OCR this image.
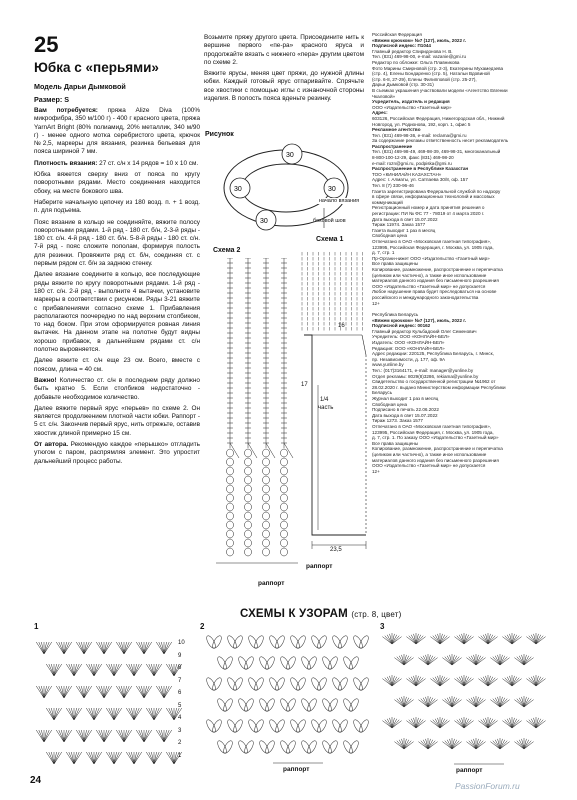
25
Юбка с «перьями»
Модель Дарьи Дымковой
Размер: S

Вам потребуется: пряжа Alize Diva (100% микрофибра, 350 м/100 г) - 400 г красного цвета, пряжа YarnArt Bright (80% полиамид, 20% металлик, 340 м/90 г) - менее одного мотка серебристого цвета, крючок №2,5, маркеры для вязания, резинка бельевая для пояса шириной 7 мм.

Плотность вязания: 27 ст. с/н х 14 рядов = 10 х 10 см.

Юбка вяжется сверху вниз от пояса по кругу поворотными рядами. Место соединения находится сбоку, на месте бокового шва.

Наберите начальную цепочку из 180 возд. п. + 1 возд. п. для подъема.

Пояс вязание в кольцо не соединяйте, вяжите полосу поворотными рядами. 1-й ряд - 180 ст. б/н, 2-3-й ряды - 180 ст. с/н. 4-й ряд - 180 ст. б/н. 5-8-й ряды - 180 ст. с/н. 7-й ряд - пояс сложите пополам, формируя полость для резинки. Провяжите ряд ст. б/н, соединяя ст. с первым рядом ст. б/н за заднюю стенку.

Далее вязание соедините в кольцо, все последующие ряды вяжите по кругу поворотными рядами. 1-й ряд - 180 ст. с/н. 2-й ряд - выполните 4 вытачки, установите маркеры в соответствии с рисунком. Ряды 3-21 вяжите с прибавлениями согласно схеме 1. Прибавления располагаются поочередно по над верхним столбиком, то над боком. При этом сформируется ровная линия вытачек. На данном этапе на полотне будут видны хорошо прибавок, в дальнейшем рядами ст. с/н полотно выровняется.

Далее вяжите ст. с/н еще 23 см. Всего, вместе с поясом, длина = 40 см.

Важно! Количество ст. с/н в последнем ряду должно быть кратно 5. Если столбиков недостаточно - добавьте необходимое количество.

Далее вяжите первый ярус «перьев» по схеме 2. Он является продолжением плотной части юбки. Раппорт - 5 ст. с/н. Закончив первый ярус, нить отрежьте, оставив хвостик длиной примерно 15 см.

От автора. Рекомендую каждое «перышко» отгладить утюгом с паром, распрямляя элемент. Это упростит дальнейший процесс работы.

Возьмите пряжу другого цвета. Присоедините нить к вершине первого «пе-ра» красного яруса и продолжайте вязать с нижнего «пера» другим цветом по схеме 2.

Вяжите ярусы, меняя цвет пряжи, до нужной длины юбки. Каждый готовый ярус отпаривайте. Спрячьте все хвостики с помощью иглы с изнаночной стороны изделия. В полость пояса вденьте резинку.

Рисунок
30
30	30
30
начало вязания
боковой шов
Схема 2
раппорт
Схема 1
16
17
1/4
часть
23,5
раппорт
Российская Федерация
«Вяжем крючком» №7 (127), июль, 2022 г.
Подписной индекс: П1044
Главный редактор Спиридонова Н. В.
Тел. (831) 469-98-00, e-mail: vazanie@gmi.ru
Редактор по обложке: Ольга Плавникова
Фото Марины Смирновой (стр. 2-3), Екатерины Мухамедзева
(стр. 4), Елены Бондаренко (стр. 5), Натальи Вдовиной
(стр. 6-8, 27-29), Елены Филипповой (стр. 25-27),
Дарьи Дымковой (стр. 30-31)
В съемках украшения участвовали модели «Агентство Евгении
Чкаловой»
Учредитель, издатель и редакция
ООО «Издательство «Газетный мир»
Адрес:
603126, Российская Федерация, Нижегородская обл., Нижний
Новгород, ул. Родионова, 192, корп. 1, офис 5
Рекламное агентство
Тел. (831) 469-98-36, e-mail: reclama@gmi.ru
За содержание рекламы ответственность несет рекламодатель
Распространение
Тел. (831) 469-98-49, 469-98-39, 469-98-31, многоканальный
8-800-100-12-29, факс (831) 469-98-20
e-mail: rozn@gmi.ru, podpiska@gmi.ru
Распространение в Республике Казахстан
ТОО «КИНИЛАЙН КАЗАХСТАН»
Адрес: г. Алматы, ул. Сатпаева 30/8, оф. 157
Тел. 8 (7) 330-96-46
Газета зарегистрирована Федеральной службой по надзору
в сфере связи, информационных технологий и массовых
коммуникаций
Регистрационный номер и дата принятия решения о
регистрации: ПИ № ФС 77 - 78019 от 4 марта 2020 г.
Дата выхода в свет 15.07.2022
Тираж 11974. Заказ 1577
Газета выходит 1 раз в месяц
Свободная цена
Отпечатано в ОАО «Московская газетная типография»,
123995, Российская Федерация, г. Москва, ул. 1905 года,
д. 7, стр. 1
Пр-Органи-нижет ООО «Издательство «Газетный мир»
Все права защищены
Копирование, размножение, распространение и перепечатка
(целиком или частично), а также иное использование
материалов данного издания без письменного разрешения
ООО «Издательство «Газетный мир» не допускается
Любое нарушение права будет преследоваться на основе
российского и международного законодательства
12+
Республика Беларусь
«Вяжем крючком» №7 (127), июль, 2022 г.
Подписной индекс: 00162
Главный редактор Кульбадский Олег Семенович
Учредитель: ООО «КОНЛАЙН-БЕЛ»
Издатель: ООО «КОНЛАЙН-БЕЛ»
Редакция: ООО «КОНЛАЙН-БЕЛ»
Адрес редакции: 220125, Республика Беларусь, г. Минск,
пр. Независимости, д. 177, оф. 9А
www.yunline.by
Тел.: (017)3164171, e-mail: manager@yunline.by
Отдел рекламы: 8029(8)3286, rekiama@yunline.by
Свидетельство о государственной регистрации №1962 от
28.02.2020 г. выдано Министерством информации Республики
Беларусь
Журнал выходит 1 раз в месяц
Свободная цена
Подписано в печать 22.06.2022
Дата выхода в свет 15.07.2022
Тираж 1273. Заказ 1577
Отпечатано в ОАО «Московская газетная типография»,
123995, Российская Федерация, г. Москва, ул. 1905 года,
д. 7, стр. 1. По заказу ООО «Издательство «Газетный мир»
Все права защищены
Копирование, размножение, распространение и перепечатка
(целиком или частично), а также иное использование
материалов данного издания без письменного разрешения
ООО «Издательство «Газетный мир» не допускается
12+
СХЕМЫ К УЗОРАМ (стр. 8, цвет)
1
10
9
8
7
6
5
4
3
2
1
2
раппорт
3
раппорт
24	PassionForum.ru
